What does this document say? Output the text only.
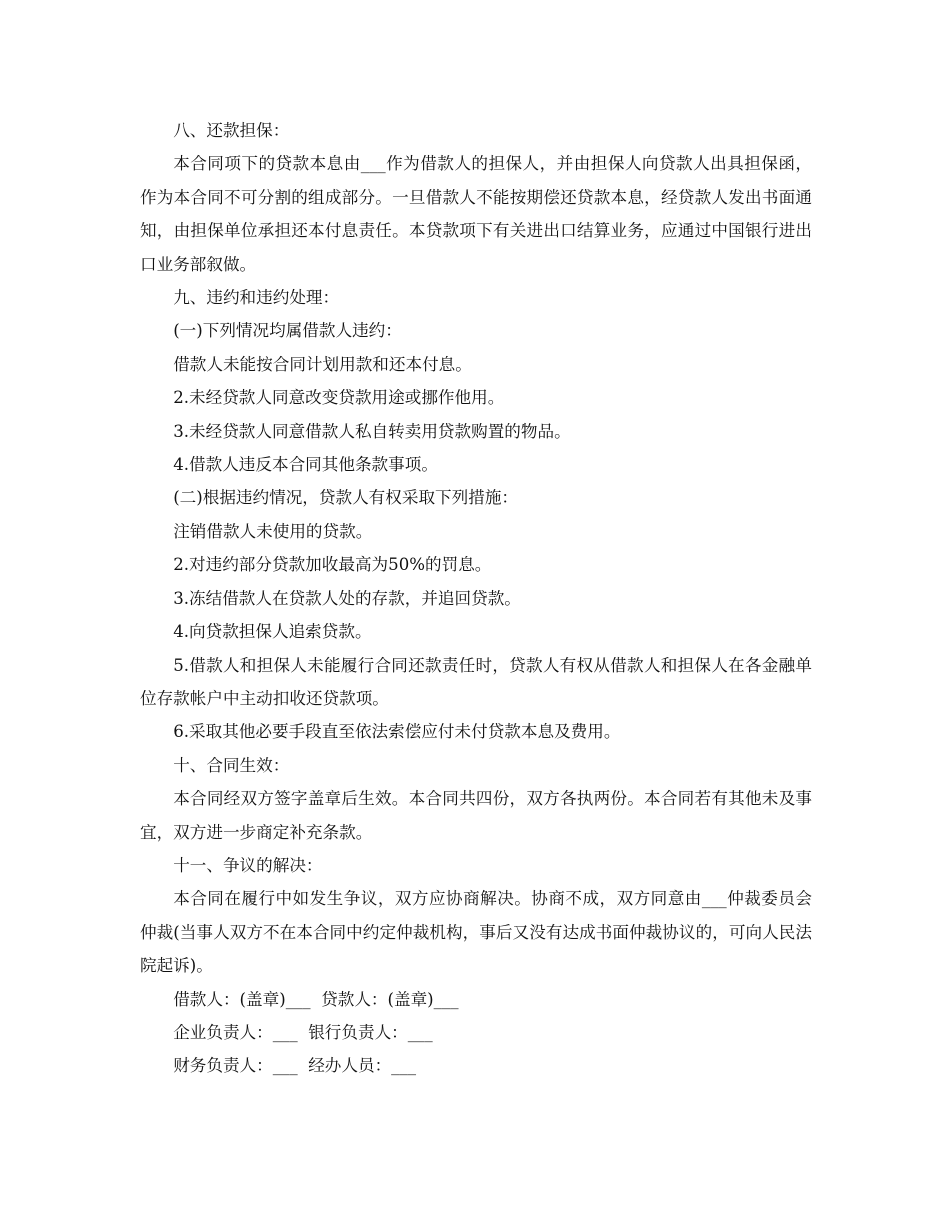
八、还款担保：

本合同项下的贷款本息由___作为借款人的担保人，并由担保人向贷款人出具担保函，作为本合同不可分割的组成部分。一旦借款人不能按期偿还贷款本息，经贷款人发出书面通知，由担保单位承担还本付息责任。本贷款项下有关进出口结算业务，应通过中国银行进出口业务部叙做。

九、违约和违约处理：

(一)下列情况均属借款人违约：

借款人未能按合同计划用款和还本付息。

2.未经贷款人同意改变贷款用途或挪作他用。

3.未经贷款人同意借款人私自转卖用贷款购置的物品。

4.借款人违反本合同其他条款事项。

(二)根据违约情况，贷款人有权采取下列措施：

注销借款人未使用的贷款。

2.对违约部分贷款加收最高为50%的罚息。

3.冻结借款人在贷款人处的存款，并追回贷款。

4.向贷款担保人追索贷款。

5.借款人和担保人未能履行合同还款责任时，贷款人有权从借款人和担保人在各金融单位存款帐户中主动扣收还贷款项。

6.采取其他必要手段直至依法索偿应付未付贷款本息及费用。

十、合同生效：

本合同经双方签字盖章后生效。本合同共四份，双方各执两份。本合同若有其他未及事宜，双方进一步商定补充条款。

十一、争议的解决：

本合同在履行中如发生争议，双方应协商解决。协商不成，双方同意由___仲裁委员会仲裁(当事人双方不在本合同中约定仲裁机构，事后又没有达成书面仲裁协议的，可向人民法院起诉)。

借款人：(盖章)___  贷款人：(盖章)___

企业负责人：___  银行负责人：___

财务负责人：___  经办人员：___
